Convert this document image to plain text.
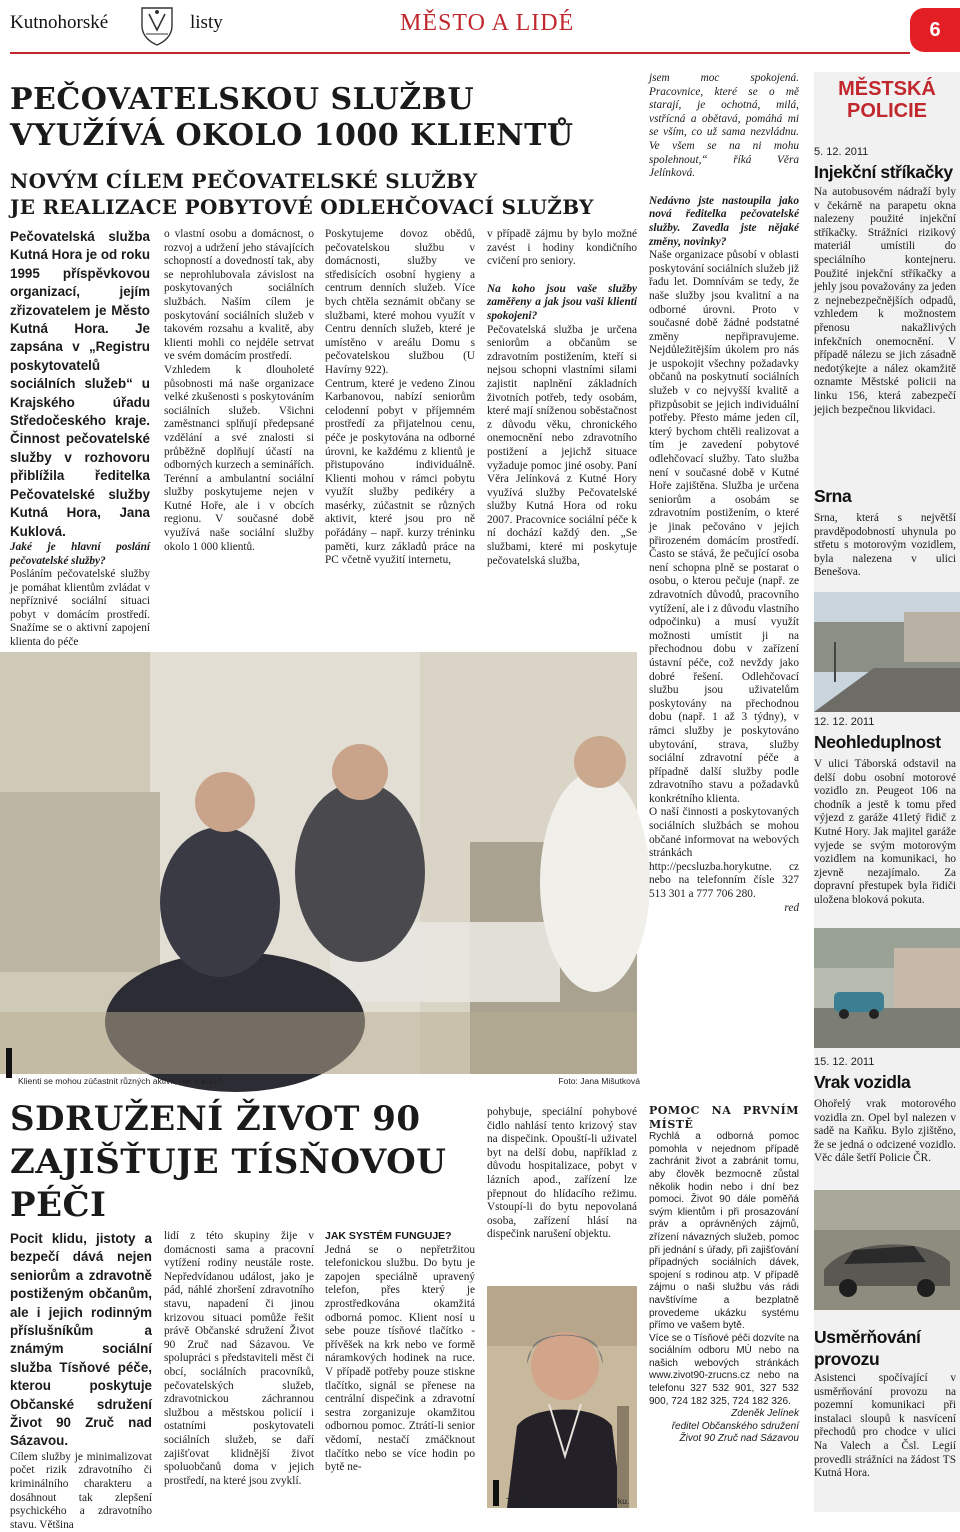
Kutnohorské	listy	MĚSTO A LIDÉ	6
PEČOVATELSKOU SLUŽBU
VYUŽÍVÁ OKOLO 1000 KLIENTŮ
NOVÝM CÍLEM PEČOVATELSKÉ SLUŽBY
JE REALIZACE POBYTOVÉ ODLEHČOVACÍ SLUŽBY

Pečovatelská služba Kutná Hora je od roku 1995 příspěvkovou organizací, jejím zřizovatelem je Město Kutná Hora. Je zapsána v „Registru poskytovatelů sociálních služeb“ u Krajského úřadu Středočeského kraje. Činnost pečovatelské služby v rozhovoru přiblížila ředitelka Pečovatelské služby Kutná Hora, Jana Kuklová.

Jaké je hlavní poslání pečovatelské služby?

Posláním pečovatelské služby je pomáhat klientům zvládat v nepříznivé sociální situaci pobyt v domácím prostředí. Snažíme se o aktivní zapojení klienta do péče

o vlastní osobu a domácnost, o rozvoj a udržení jeho stávajících schopností a dovedností tak, aby se neprohlubovala závislost na poskytovaných sociálních službách. Naším cílem je poskytování sociálních služeb v takovém rozsahu a kvalitě, aby klienti mohli co nejdéle setrvat ve svém domácím prostředí.

Vzhledem k dlouholeté působnosti má naše organizace velké zkušenosti s poskytováním sociálních služeb. Všichni zaměstnanci splňují předepsané vzdělání a své znalosti si průběžně doplňují účastí na odborných kurzech a seminářích. Terénní a ambulantní sociální služby poskytujeme nejen v Kutné Hoře, ale i v obcích regionu. V současné době využívá naše sociální služby okolo 1 000 klientů.

Poskytujeme dovoz obědů, pečovatelskou službu v domácnosti, služby ve středisících osobní hygieny a centrum denních služeb. Více bych chtěla seznámit občany se službami, které mohou využít v Centru denních služeb, které je umístěno v areálu Domu s pečovatelskou službou (U Havírny 922).

Centrum, které je vedeno Zinou Karbanovou, nabízí seniorům celodenní pobyt v příjemném prostředí za přijatelnou cenu, péče je poskytována na odborné úrovni, ke každému z klientů je přistupováno individuálně. Klienti mohou v rámci pobytu využít služby pedikéry a masérky, zúčastnit se různých aktivit, které jsou pro ně pořádány – např. kurzy tréninku paměti, kurz základů práce na PC včetně využití internetu,

v případě zájmu by bylo možné zavést i hodiny kondičního cvičení pro seniory.

Na koho jsou vaše služby zaměřeny a jak jsou vaši klienti spokojeni?

Pečovatelská služba je určena seniorům a občanům se zdravotním postižením, kteří si nejsou schopni vlastními silami zajistit naplnění základních životních potřeb, tedy osobám, které mají sníženou soběstačnost z důvodu věku, chronického onemocnění nebo zdravotního postižení a jejichž situace vyžaduje pomoc jiné osoby. Paní Věra Jelínková z Kutné Hory využívá služby Pečovatelské služby Kutná Hora od roku 2007. Pracovnice sociální péče k ní dochází každý den. „Se službami, které mi poskytuje pečovatelská služba,

Klienti se mohou zúčastnit různých aktivit, her a kurzů.	Foto: Jana Mišutková

jsem moc spokojená. Pracovnice, které se o mě starají, je ochotná, milá, vstřícná a obětavá, pomáhá mi se vším, co už sama nezvládnu. Ve všem se na ni mohu spolehnout,“ říká Věra Jelínková.

Nedávno jste nastoupila jako nová ředitelka pečovatelské služby. Zavedla jste nějaké změny, novinky?

Naše organizace působí v oblasti poskytování sociálních služeb již řadu let. Domnívám se tedy, že naše služby jsou kvalitní a na odborné úrovni. Proto v současné době žádné podstatné změny nepřipravujeme. Nejdůležitějším úkolem pro nás je uspokojit všechny požadavky občanů na poskytnutí sociálních služeb v co nejvyšší kvalitě a přizpůsobit se jejich individuální potřeby. Přesto máme jeden cíl, který bychom chtěli realizovat a tím je zavedení pobytové odlehčovací služby. Tato služba není v současné době v Kutné Hoře zajištěna. Služba je určena seniorům a osobám se zdravotním postižením, o které je jinak pečováno v jejich přirozeném domácím prostředí. Často se stává, že pečující osoba není schopna plně se postarat o osobu, o kterou pečuje (např. ze zdravotních důvodů, pracovního vytížení, ale i z důvodu vlastního odpočinku) a musí využít možnosti umístit ji na přechodnou dobu v zařízení ústavní péče, což nevždy jako dobré řešení. Odlehčovací službu jsou uživatelům poskytovány na přechodnou dobu (např. 1 až 3 týdny), v rámci služby je poskytováno ubytování, strava, služby sociální zdravotní péče a případně další služby podle zdravotního stavu a požadavků konkrétního klienta.

O naší činnosti a poskytovaných sociálních službách se mohou občané informovat na webových stránkách http://pecsluzba.horykutne. cz nebo na telefonním čísle 327 513 301 a 777 706 280.

red

SDRUŽENÍ ŽIVOT 90
ZAJIŠŤUJE TÍSŇOVOU
PÉČI

Pocit klidu, jistoty a bezpečí dává nejen seniorům a zdravotně postiženým občanům, ale i jejich rodinným příslušníkům a známým sociální služba Tísňové péče, kterou poskytuje Občanské sdružení Život 90 Zruč nad Sázavou.

Cílem služby je minimalizovat počet rizik zdravotního či kriminálního charakteru a dosáhnout tak zlepšení psychického a zdravotního stavu. Většina

lidí z této skupiny žije v domácnosti sama a pracovní vytížení rodiny neustále roste. Nepředvídanou událost, jako je pád, náhlé zhoršení zdravotního stavu, napadení či jinou krizovou situaci pomůže řešit právě Občanské sdružení Život 90 Zruč nad Sázavou. Ve spolupráci s představiteli měst či obcí, sociálních pracovníků, pečovatelských služeb, zdravotnickou záchrannou službou a městskou policií i ostatními poskytovateli sociálních služeb, se daří zajišťovat klidnější život spoluobčanů doma v jejich prostředí, na které jsou zvyklí.

JAK SYSTÉM FUNGUJE?

Jedná se o nepřetržitou telefonickou službu. Do bytu je zapojen speciálně upravený telefon, přes který je zprostředkována okamžitá odborná pomoc. Klient nosí u sebe pouze tísňové tlačítko - přívěšek na krk nebo ve formě náramkových hodinek na ruce. V případě potřeby pouze stiskne tlačítko, signál se přenese na centrální dispečink a zdravotní sestra zorganizuje okamžitou odbornou pomoc. Ztrátí-li senior vědomí, nestačí zmáčknout tlačítko nebo se více hodin po bytě ne-

pohybuje, speciální pohybové čidlo nahlásí tento krizový stav na dispečink. Opouští-li uživatel byt na delší dobu, například z důvodu hospitalizace, pobyt v lázních apod., zařízení lze přepnout do hlídacího režimu. Vstoupí-li do bytu nepovolaná osoba, zařízení hlásí na dispečink narušení objektu.

Tísňové tlačítko se nosí na krku.

POMOC NA PRVNÍM MÍSTĚ

Rychlá a odborná pomoc pomohla v nejednom případě zachránit život a zabránit tomu, aby člověk bezmocně zůstal několik hodin nebo i dní bez pomoci. Život 90 dále poměňá svým klientům i při prosazování práv a oprávněných zájmů, zřízení návazných služeb, pomoc při jednání s úřady, při zajišťování případných sociálních dávek, spojení s rodinou atp. V případě zájmu o naši službu vás rádi navštívíme a bezplatně provedeme ukázku systému přímo ve vašem bytě.

Více se o Tísňové péči dozvíte na sociálním odboru MÚ nebo na našich webových stránkách www.zivot90-zrucns.cz nebo na telefonu 327 532 901, 327 532 900, 724 182 325, 724 182 326.

Zdeněk Jelínek

ředitel Občanského sdružení

Život 90 Zruč nad Sázavou

MĚSTSKÁ
POLICIE
5. 12. 2011
Injekční stříkačky
Na autobusovém nádraží byly v čekárně na parapetu okna nalezeny použité injekční stříkačky. Strážníci rizikový materiál umístili do speciálního kontejneru. Použité injekční stříkačky a jehly jsou považovány za jeden z nejnebezpečnějších odpadů, vzhledem k možnostem přenosu nakažlivých infekčních onemocnění. V případě nálezu se jich zásadně nedotýkejte a nález okamžitě oznamte Městské policii na linku 156, která zabezpečí jejich bezpečnou likvidaci.
Srna
Srna, která s největší pravděpodobností uhynula po střetu s motorovým vozidlem, byla nalezena v ulici Benešova.
12. 12. 2011
Neohleduplnost
V ulici Táborská odstavil na delší dobu osobní motorové vozidlo zn. Peugeot 106 na chodník a jestě k tomu před výjezd z garáže 41letý řidič z Kutné Hory. Jak majitel garáže vyjede se svým motorovým vozidlem na komunikaci, ho zjevně nezajímalo. Za dopravní přestupek byla řidiči uložena bloková pokuta.
15. 12. 2011
Vrak vozidla
Ohořelý vrak motorového vozidla zn. Opel byl nalezen v sadě na Kaňku. Bylo zjištěno, že se jedná o odcizené vozidlo. Věc dále šetří Policie ČR.
Usměrňování provozu
Asistenci spočívající v usměrňování provozu na pozemní komunikaci při instalaci sloupů k nasvícení přechodů pro chodce v ulici Na Valech a Čsl. Legií provedli strážníci na žádost TS Kutná Hora.
